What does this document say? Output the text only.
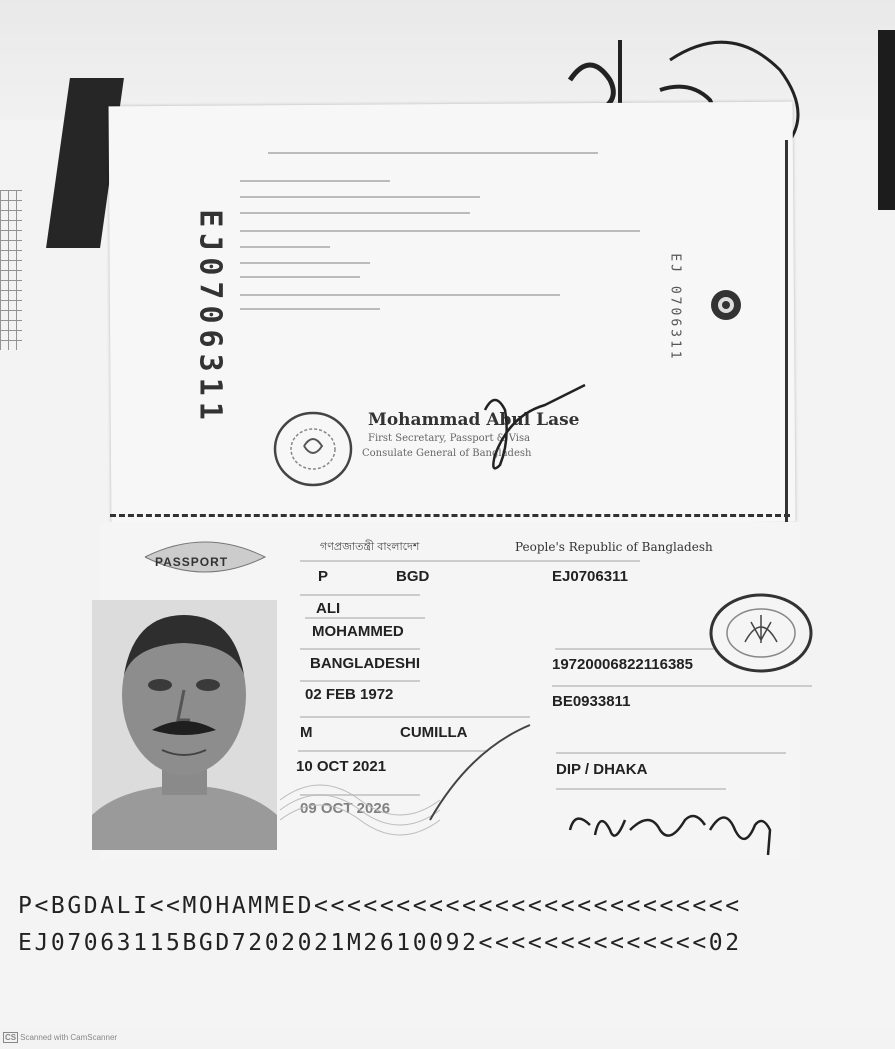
EJ0706311	EJ 0706311
Mohammad Abul Lase
First Secretary, Passport & Visa
Consulate General of Bangladesh
PASSPORT
গণপ্রজাতন্ত্রী বাংলাদেশ	People's Republic of Bangladesh
P	BGD	EJ0706311
ALI
MOHAMMED
BANGLADESHI	19720006822116385
02 FEB 1972	BE0933811
M	CUMILLA
10 OCT 2021	DIP / DHAKA
09 OCT 2026
P<BGDALI<<MOHAMMED<<<<<<<<<<<<<<<<<<<<<<<<<<
EJ07063115BGD7202021M2610092<<<<<<<<<<<<<<02
CS Scanned with CamScanner
